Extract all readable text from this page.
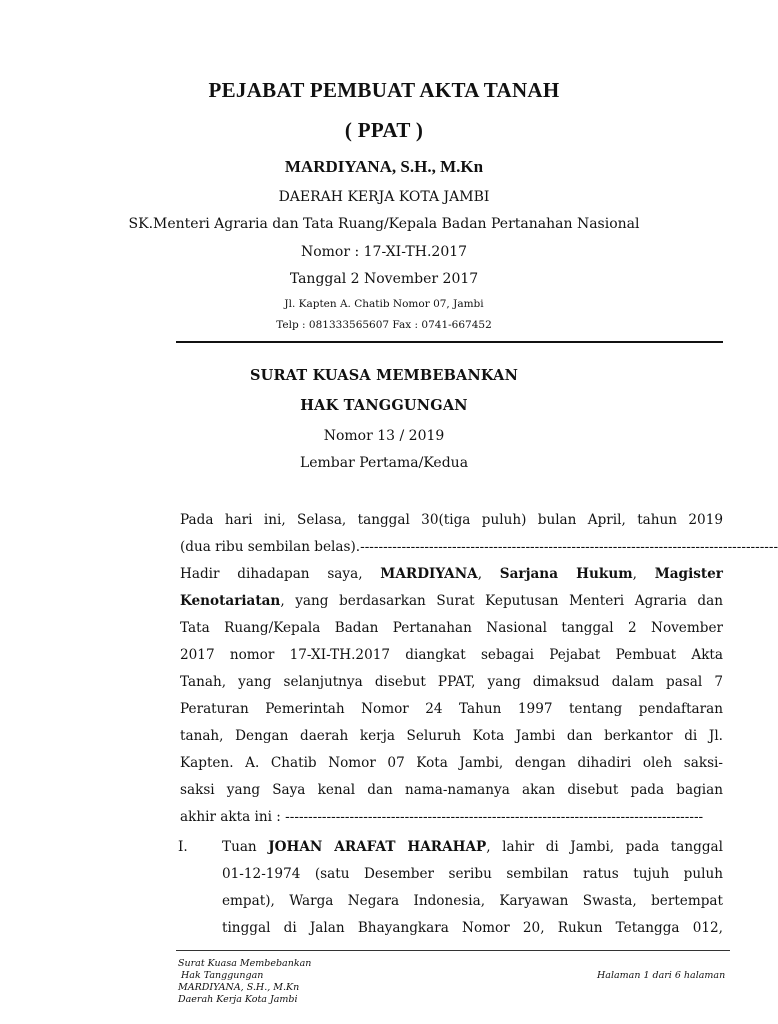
PEJABAT PEMBUAT AKTA TANAH
( PPAT )
MARDIYANA, S.H., M.Kn
DAERAH KERJA KOTA JAMBI
SK.Menteri Agraria dan Tata Ruang/Kepala Badan Pertanahan Nasional
Nomor : 17-XI-TH.2017
Tanggal 2 November 2017
Jl. Kapten A. Chatib Nomor 07, Jambi
Telp : 081333565607 Fax : 0741-667452
SURAT KUASA MEMBEBANKAN
HAK TANGGUNGAN
Nomor 13 / 2019
Lembar Pertama/Kedua
Pada hari ini, Selasa, tanggal 30(tiga puluh) bulan April, tahun 2019
(dua ribu sembilan belas).-------------------------------------------------------------------------------------------
Hadir dihadapan saya, MARDIYANA, Sarjana Hukum, Magister
Kenotariatan, yang berdasarkan Surat Keputusan Menteri Agraria dan
Tata Ruang/Kepala Badan Pertanahan Nasional tanggal 2 November
2017 nomor 17-XI-TH.2017 diangkat sebagai Pejabat Pembuat Akta
Tanah, yang selanjutnya disebut PPAT, yang dimaksud dalam pasal 7
Peraturan Pemerintah Nomor 24 Tahun 1997 tentang pendaftaran
tanah, Dengan daerah kerja Seluruh Kota Jambi dan berkantor di Jl.
Kapten. A. Chatib Nomor 07 Kota Jambi, dengan dihadiri oleh saksi-
saksi yang Saya kenal dan nama-namanya akan disebut pada bagian
akhir akta ini : -------------------------------------------------------------------------------------------
I.	Tuan JOHAN ARAFAT HARAHAP, lahir di Jambi, pada tanggal
01-12-1974 (satu Desember seribu sembilan ratus tujuh puluh
empat), Warga Negara Indonesia, Karyawan Swasta, bertempat
tinggal di Jalan Bhayangkara Nomor 20, Rukun Tetangga 012,
Surat Kuasa Membebankan
Hak Tanggungan
MARDIYANA, S.H., M.Kn
Daerah Kerja Kota Jambi
Halaman 1 dari 6 halaman
